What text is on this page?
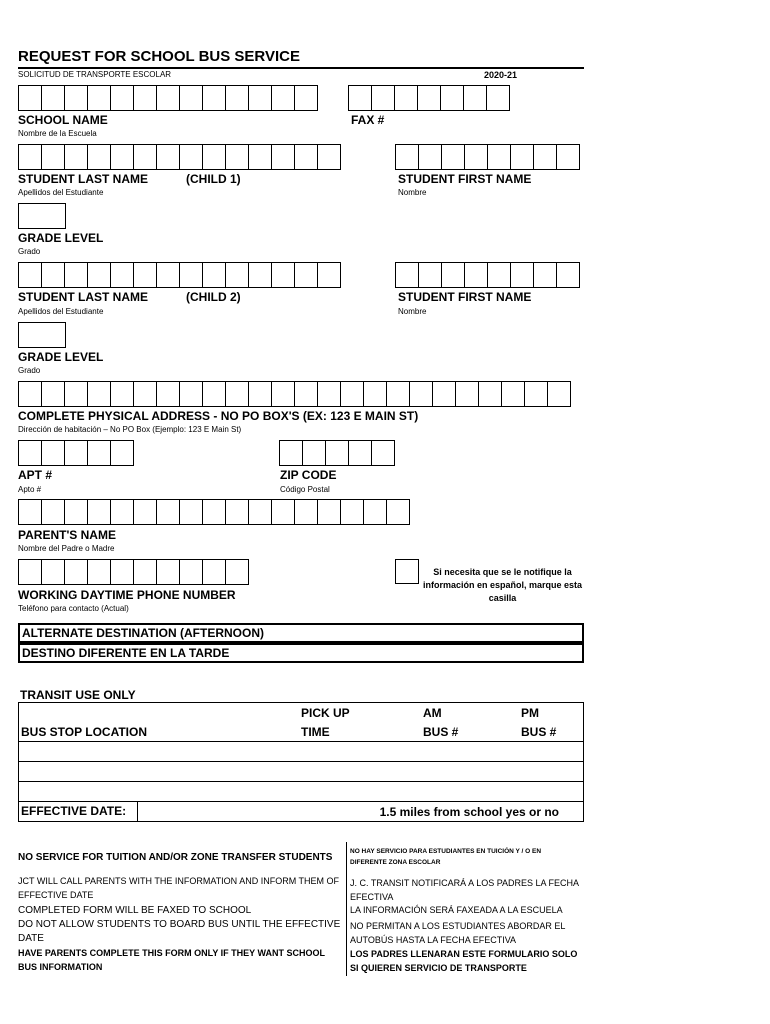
REQUEST FOR SCHOOL BUS SERVICE
SOLICITUD DE TRANSPORTE ESCOLAR	2020-21
SCHOOL NAME	FAX #
Nombre de la Escuela
STUDENT LAST NAME	(CHILD 1)	STUDENT FIRST NAME
Apellidos del Estudiante	Nombre
GRADE LEVEL
Grado
STUDENT LAST NAME	(CHILD 2)	STUDENT FIRST NAME
Apellidos del Estudiante	Nombre
GRADE LEVEL
Grado
COMPLETE PHYSICAL ADDRESS - NO PO BOX'S (EX: 123 E MAIN ST)
Dirección de habitación – No PO Box (Ejemplo: 123 E Main St)
APT #	ZIP CODE
Apto #	Código Postal
PARENT'S NAME
Nombre del Padre o Madre
Si necesita que se le notifique la
información en español, marque esta
casilla
WORKING DAYTIME PHONE NUMBER
Teléfono para contacto (Actual)
ALTERNATE DESTINATION (AFTERNOON)
DESTINO DIFERENTE EN LA TARDE
TRANSIT USE ONLY
	PICK UP	AM	PM
BUS STOP LOCATION	TIME	BUS #	BUS #

EFFECTIVE DATE: 1.5 miles from school yes or no			
NO SERVICE FOR TUITION AND/OR ZONE TRANSFER STUDENTS
JCT WILL CALL PARENTS WITH THE INFORMATION AND INFORM THEM OF
EFFECTIVE DATE
COMPLETED FORM WILL BE FAXED TO SCHOOL
DO NOT ALLOW STUDENTS TO BOARD BUS UNTIL THE EFFECTIVE
DATE
HAVE PARENTS COMPLETE THIS FORM ONLY IF THEY WANT SCHOOL
BUS INFORMATION
NO HAY SERVICIO PARA ESTUDIANTES EN TUICIÓN Y / O EN
DIFERENTE ZONA ESCOLAR
J. C. TRANSIT NOTIFICARÁ A LOS PADRES LA FECHA
EFECTIVA
LA INFORMACIÓN SERÁ FAXEADA A LA ESCUELA
NO PERMITAN A LOS ESTUDIANTES ABORDAR EL
AUTOBÚS HASTA LA FECHA EFECTIVA
LOS PADRES LLENARAN ESTE FORMULARIO SOLO
SI QUIEREN SERVICIO DE TRANSPORTE
